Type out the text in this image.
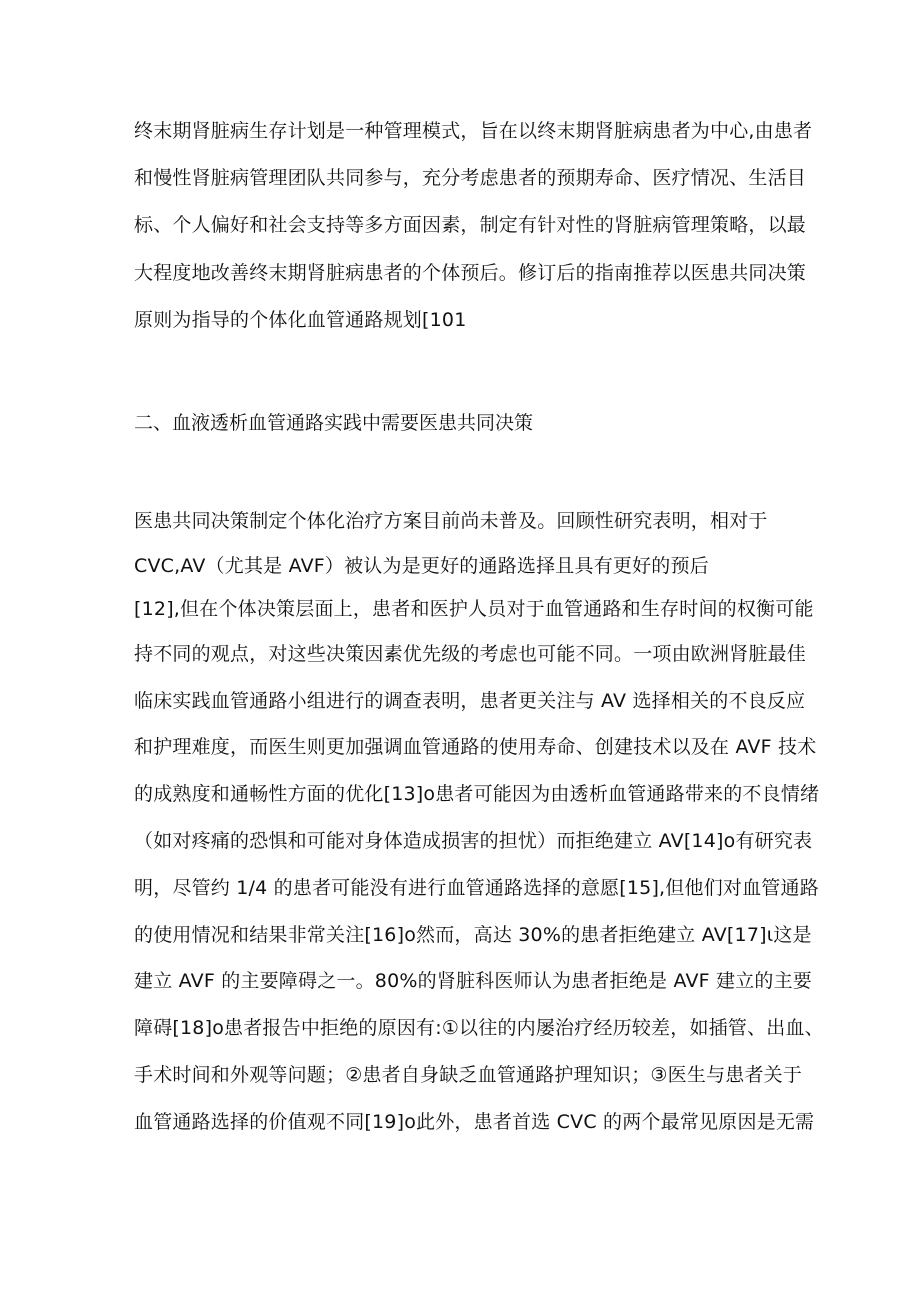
终末期肾脏病生存计划是一种管理模式，旨在以终末期肾脏病患者为中心,由患者
和慢性肾脏病管理团队共同参与，充分考虑患者的预期寿命、医疗情况、生活目
标、个人偏好和社会支持等多方面因素，制定有针对性的肾脏病管理策略，以最
大程度地改善终末期肾脏病患者的个体预后。修订后的指南推荐以医患共同决策
原则为指导的个体化血管通路规划[101
二、血液透析血管通路实践中需要医患共同决策
医患共同决策制定个体化治疗方案目前尚未普及。回顾性研究表明，相对于
CVC,AV（尤其是 AVF）被认为是更好的通路选择且具有更好的预后
[12],但在个体决策层面上，患者和医护人员对于血管通路和生存时间的权衡可能
持不同的观点，对这些决策因素优先级的考虑也可能不同。一项由欧洲肾脏最佳
临床实践血管通路小组进行的调查表明，患者更关注与 AV 选择相关的不良反应
和护理难度，而医生则更加强调血管通路的使用寿命、创建技术以及在 AVF 技术
的成熟度和通畅性方面的优化[13]o患者可能因为由透析血管通路带来的不良情绪
（如对疼痛的恐惧和可能对身体造成损害的担忧）而拒绝建立 AV[14]o有研究表
明，尽管约 1/4 的患者可能没有进行血管通路选择的意愿[15],但他们对血管通路
的使用情况和结果非常关注[16]o然而，高达 30%的患者拒绝建立 AV[17]ι这是
建立 AVF 的主要障碍之一。80%的肾脏科医师认为患者拒绝是 AVF 建立的主要
障碍[18]o患者报告中拒绝的原因有:①以往的内屡治疗经历较差，如插管、出血、
手术时间和外观等问题；②患者自身缺乏血管通路护理知识；③医生与患者关于
血管通路选择的价值观不同[19]o此外，患者首选 CVC 的两个最常见原因是无需
